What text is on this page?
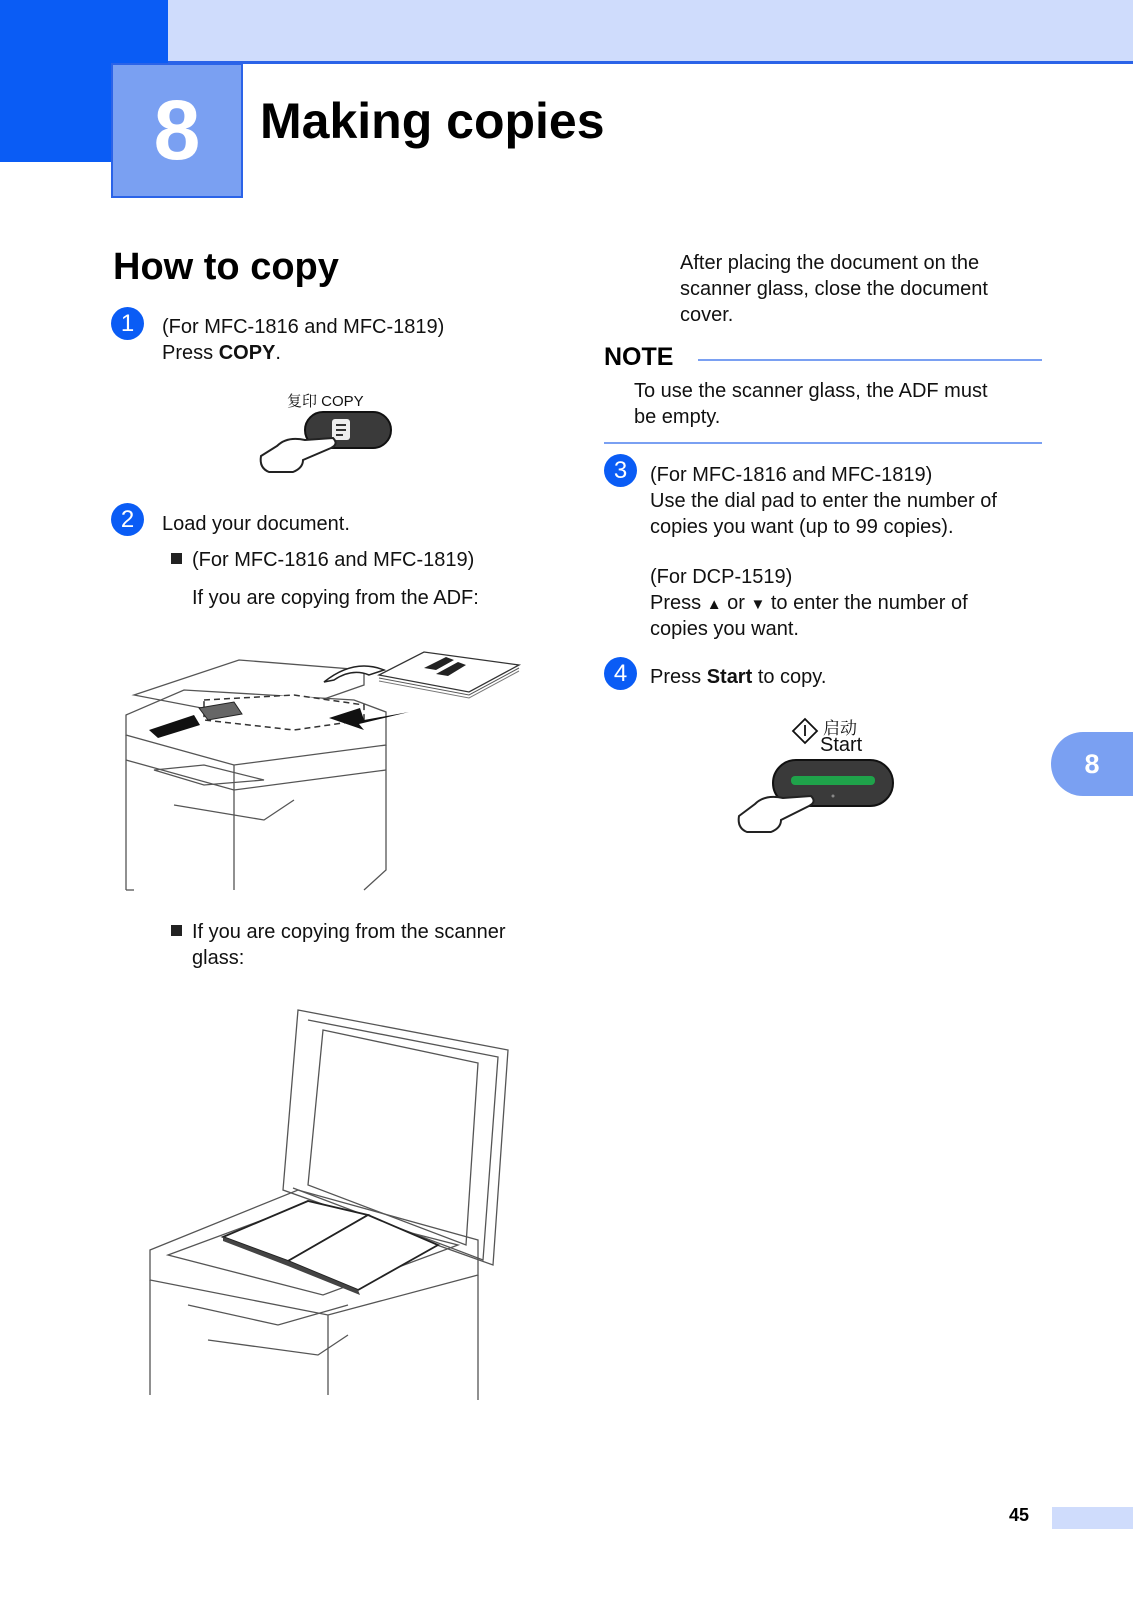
8 Making copies
How to copy
1 (For MFC-1816 and MFC-1819)
Press COPY.
复印 COPY
2 Load your document.
(For MFC-1816 and MFC-1819)
If you are copying from the ADF:
If you are copying from the scanner
glass:
After placing the document on the
scanner glass, close the document
cover.
NOTE
To use the scanner glass, the ADF must
be empty.
3 (For MFC-1816 and MFC-1819)
Use the dial pad to enter the number of
copies you want (up to 99 copies).
(For DCP-1519)
Press ▲ or ▼ to enter the number of
copies you want.
4 Press Start to copy.
启动
Start
8
45
